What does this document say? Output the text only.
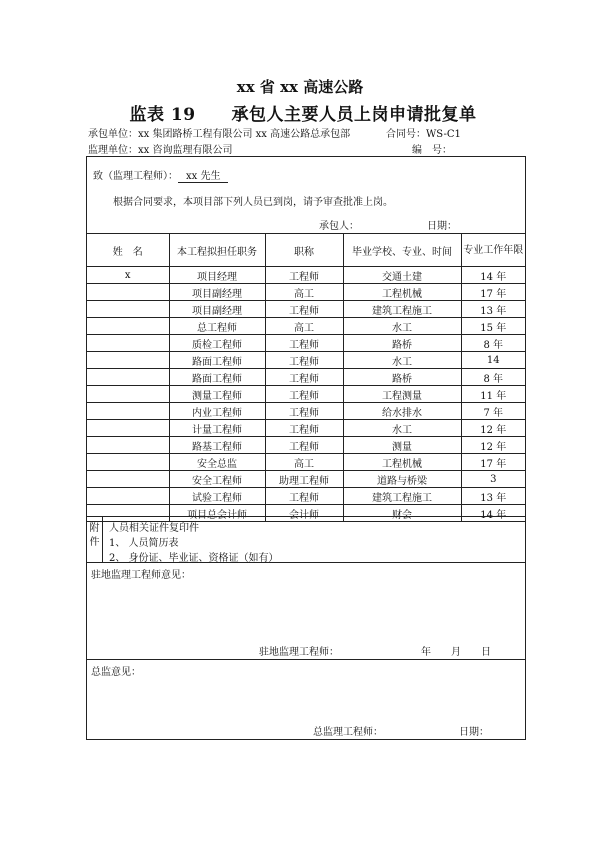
xx 省 xx 高速公路
监表 19 承包人主要人员上岗申请批复单
承包单位：xx 集团路桥工程有限公司 xx 高速公路总承包部	合同号：WS-C1
监理单位：xx 咨询监理有限公司	编　号：
致（监理工程师）： xx 先生
根据合同要求，本项目部下列人员已到岗，请予审查批准上岗。
承包人：	日期：
姓　名	本工程拟担任职务	职称	毕业学校、专业、时间	专业工作年限
x	项目经理	工程师	交通土建	14 年
	项目副经理	高工	工程机械	17 年
	项目副经理	工程师	建筑工程施工	13 年
	总工程师	高工	水工	15 年
	质检工程师	工程师	路桥	8 年
	路面工程师	工程师	水工	14
	路面工程师	工程师	路桥	8 年
	测量工程师	工程师	工程测量	11 年
	内业工程师	工程师	给水排水	7 年
	计量工程师	工程师	水工	12 年
	路基工程师	工程师	测量	12 年
	安全总监	高工	工程机械	17 年
	安全工程师	助理工程师	道路与桥梁	3
	试验工程师	工程师	建筑工程施工	13 年
	项目总会计师	会计师	财会	14 年
附件
人员相关证件复印件
1、 人员简历表
2、 身份证、毕业证、资格证（如有）
驻地监理工程师意见：
驻地监理工程师：	年　　月　　日
总监意见：
总监理工程师：	日期：
